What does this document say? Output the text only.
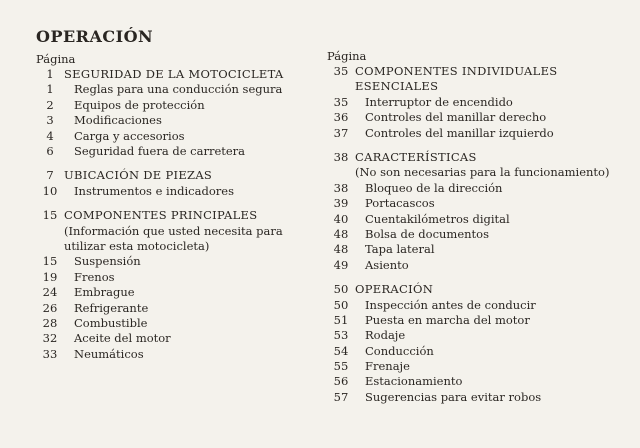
OPERACIÓN
Página
1 SEGURIDAD DE LA MOTOCICLETA
1	Reglas para una conducción segura
2	Equipos de protección
3	Modificaciones
4	Carga y accesorios
6	Seguridad fuera de carretera
7 UBICACIÓN DE PIEZAS
10	Instrumentos e indicadores
15 COMPONENTES PRINCIPALES
(Información que usted necesita para
utilizar esta motocicleta)
15	Suspensión
19	Frenos
24	Embrague
26	Refrigerante
28	Combustible
32	Aceite del motor
33	Neumáticos
Página
35 COMPONENTES INDIVIDUALES
ESENCIALES
35	Interruptor de encendido
36	Controles del manillar derecho
37	Controles del manillar izquierdo
38 CARACTERÍSTICAS
(No son necesarias para la funcionamiento)
38	Bloqueo de la dirección
39	Portacascos
40	Cuentakilómetros digital
48	Bolsa de documentos
48	Tapa lateral
49	Asiento
50 OPERACIÓN
50	Inspección antes de conducir
51	Puesta en marcha del motor
53	Rodaje
54	Conducción
55	Frenaje
56	Estacionamiento
57	Sugerencias para evitar robos
